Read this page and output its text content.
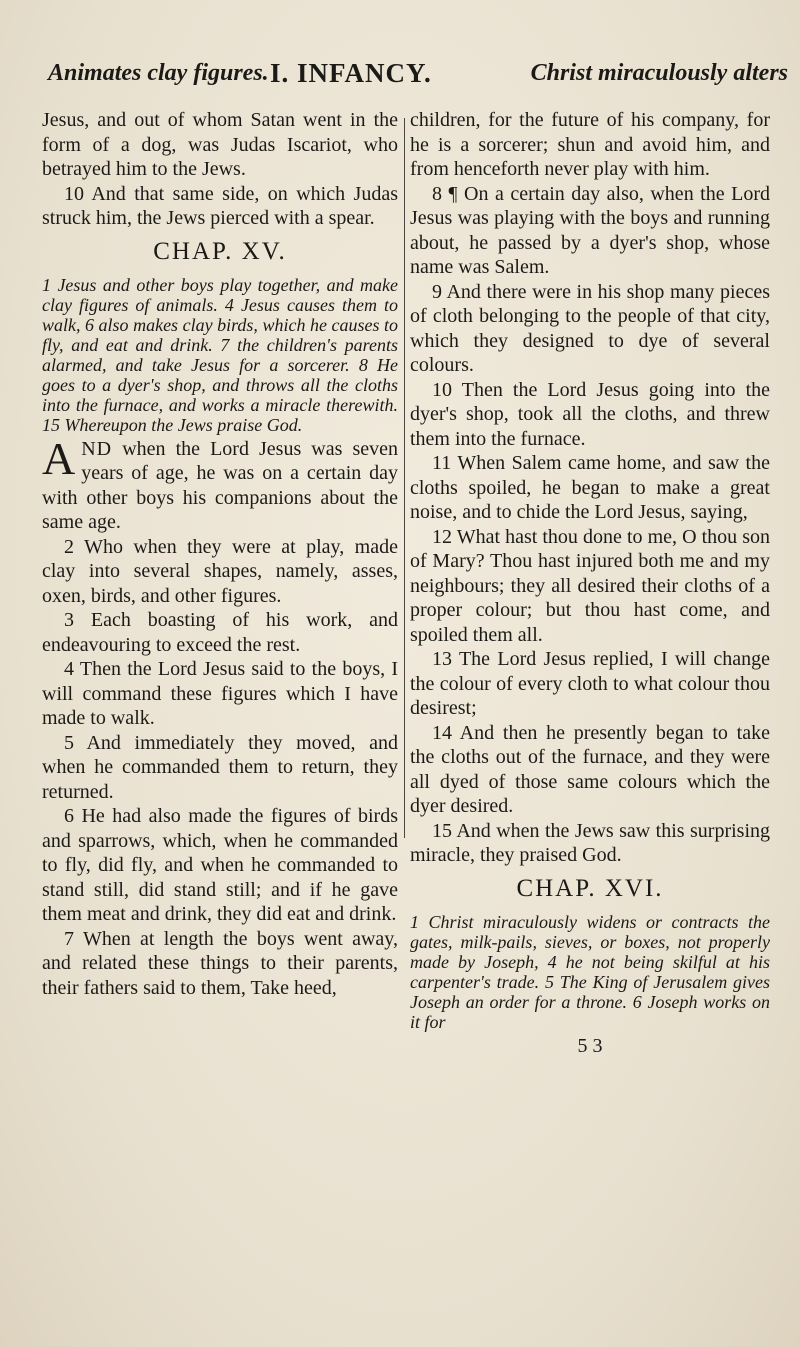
Animates clay figures. I. INFANCY.	Christ miraculously alters

Jesus, and out of whom Satan went in the form of a dog, was Judas Iscariot, who betrayed him to the Jews.

10 And that same side, on which Judas struck him, the Jews pierced with a spear.

CHAP. XV.

1 Jesus and other boys play together, and make clay figures of animals. 4 Jesus causes them to walk, 6 also makes clay birds, which he causes to fly, and eat and drink. 7 the children's parents alarmed, and take Jesus for a sorcerer. 8 He goes to a dyer's shop, and throws all the cloths into the furnace, and works a miracle therewith. 15 Whereupon the Jews praise God.

AND when the Lord Jesus was seven years of age, he was on a certain day with other boys his companions about the same age.

2 Who when they were at play, made clay into several shapes, namely, asses, oxen, birds, and other figures.

3 Each boasting of his work, and endeavouring to exceed the rest.

4 Then the Lord Jesus said to the boys, I will command these figures which I have made to walk.

5 And immediately they moved, and when he commanded them to return, they returned.

6 He had also made the figures of birds and sparrows, which, when he commanded to fly, did fly, and when he commanded to stand still, did stand still; and if he gave them meat and drink, they did eat and drink.

7 When at length the boys went away, and related these things to their parents, their fathers said to them, Take heed,

children, for the future of his company, for he is a sorcerer; shun and avoid him, and from henceforth never play with him.

8 ¶ On a certain day also, when the Lord Jesus was playing with the boys and running about, he passed by a dyer's shop, whose name was Salem.

9 And there were in his shop many pieces of cloth belonging to the people of that city, which they designed to dye of several colours.

10 Then the Lord Jesus going into the dyer's shop, took all the cloths, and threw them into the furnace.

11 When Salem came home, and saw the cloths spoiled, he began to make a great noise, and to chide the Lord Jesus, saying,

12 What hast thou done to me, O thou son of Mary? Thou hast injured both me and my neighbours; they all desired their cloths of a proper colour; but thou hast come, and spoiled them all.

13 The Lord Jesus replied, I will change the colour of every cloth to what colour thou desirest;

14 And then he presently began to take the cloths out of the furnace, and they were all dyed of those same colours which the dyer desired.

15 And when the Jews saw this surprising miracle, they praised God.

CHAP. XVI.

1 Christ miraculously widens or contracts the gates, milk-pails, sieves, or boxes, not properly made by Joseph, 4 he not being skilful at his carpenter's trade. 5 The King of Jerusalem gives Joseph an order for a throne. 6 Joseph works on it for

5 3
